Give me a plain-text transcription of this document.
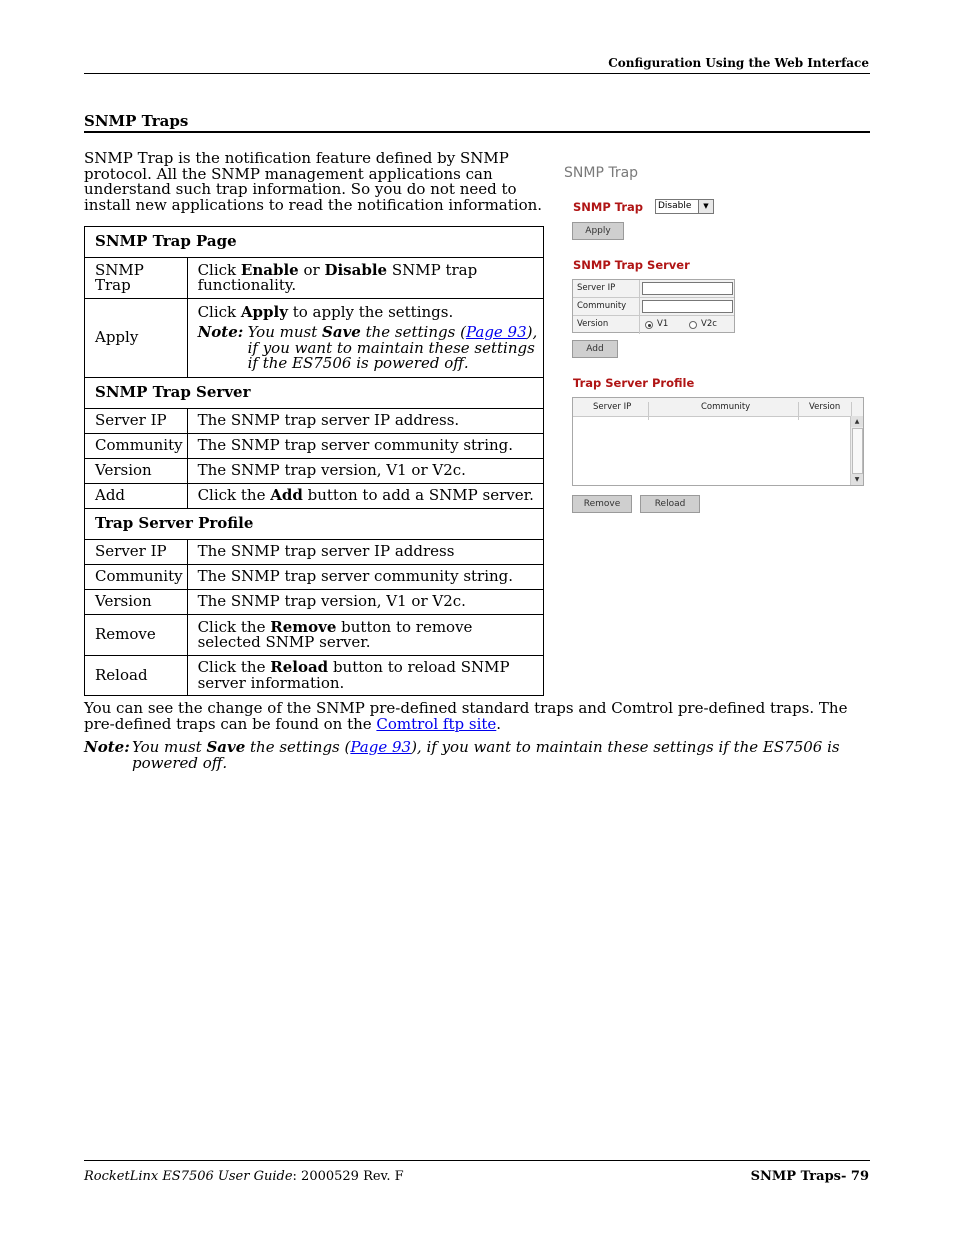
Configuration Using the Web Interface
SNMP Traps
SNMP Trap is the notification feature defined by SNMP protocol. All the SNMP management applications can understand such trap information. So you do not need to install new applications to read the notification information.
SNMP Trap Page	
SNMP Trap	Click Enable or Disable SNMP trap functionality.
Apply	Click Apply to apply the settings.
Note: You must Save the settings (Page 93), if you want to maintain these settings if the ES7506 is powered off.

SNMP Trap Server	
Server IP	The SNMP trap server IP address.
Community	The SNMP trap server community string.
Version	The SNMP trap version, V1 or V2c.
Add	Click the Add button to add a SNMP server.
Trap Server Profile	
Server IP	The SNMP trap server IP address
Community	The SNMP trap server community string.
Version	The SNMP trap version, V1 or V2c.
Remove	Click the Remove button to remove selected SNMP server.
Reload	Click the Reload button to reload SNMP server information.
SNMP Trap
SNMP Trap Disable	▼
Apply
SNMP Trap Server
Server IP
Community
Version	V1	V2c
Add
Trap Server Profile
Server IP	Community	Version
▲
▼
Remove	Reload
You can see the change of the SNMP pre-defined standard traps and Comtrol pre-defined traps. The pre-defined traps can be found on the Comtrol ftp site.
Note: You must Save the settings (Page 93), if you want to maintain these settings if the ES7506 is powered off.
RocketLinx ES7506 User Guide: 2000529 Rev. F	SNMP Traps- 79
